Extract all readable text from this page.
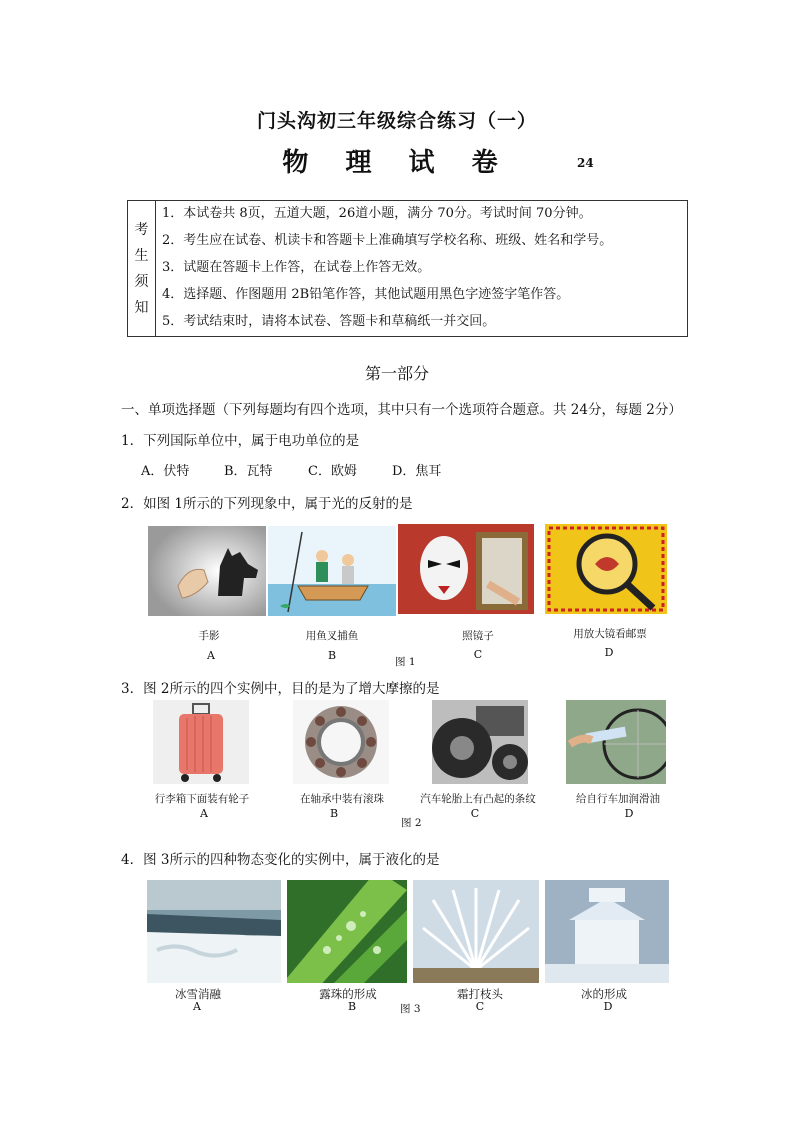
门头沟初三年级综合练习（一）
物 理 试 卷	24
考
生
须
知
1．本试卷共 8页，五道大题，26道小题，满分 70分。考试时间 70分钟。
2．考生应在试卷、机读卡和答题卡上准确填写学校名称、班级、姓名和学号。
3．试题在答题卡上作答，在试卷上作答无效。
4．选择题、作图题用 2B铅笔作答，其他试题用黑色字迹签字笔作答。
5．考试结束时，请将本试卷、答题卡和草稿纸一并交回。
第一部分
一、单项选择题（下列每题均有四个选项，其中只有一个选项符合题意。共 24分，每题 2分）
1．下列国际单位中，属于电功单位的是
A．伏特	B．瓦特	C．欧姆	D．焦耳
2．如图 1所示的下列现象中，属于光的反射的是
手影	用鱼叉捕鱼	照镜子	用放大镜看邮票
A	B	图 1
C	D
3．图 2所示的四个实例中，目的是为了增大摩擦的是
行李箱下面装有轮子	在轴承中装有滚珠	汽车轮胎上有凸起的条纹	给自行车加润滑油
A	B
图 2
C	D
4．图 3所示的四种物态变化的实例中，属于液化的是
冰雪消融	露珠的形成	霜打枝头	冰的形成
A	B	图 3	C	D
